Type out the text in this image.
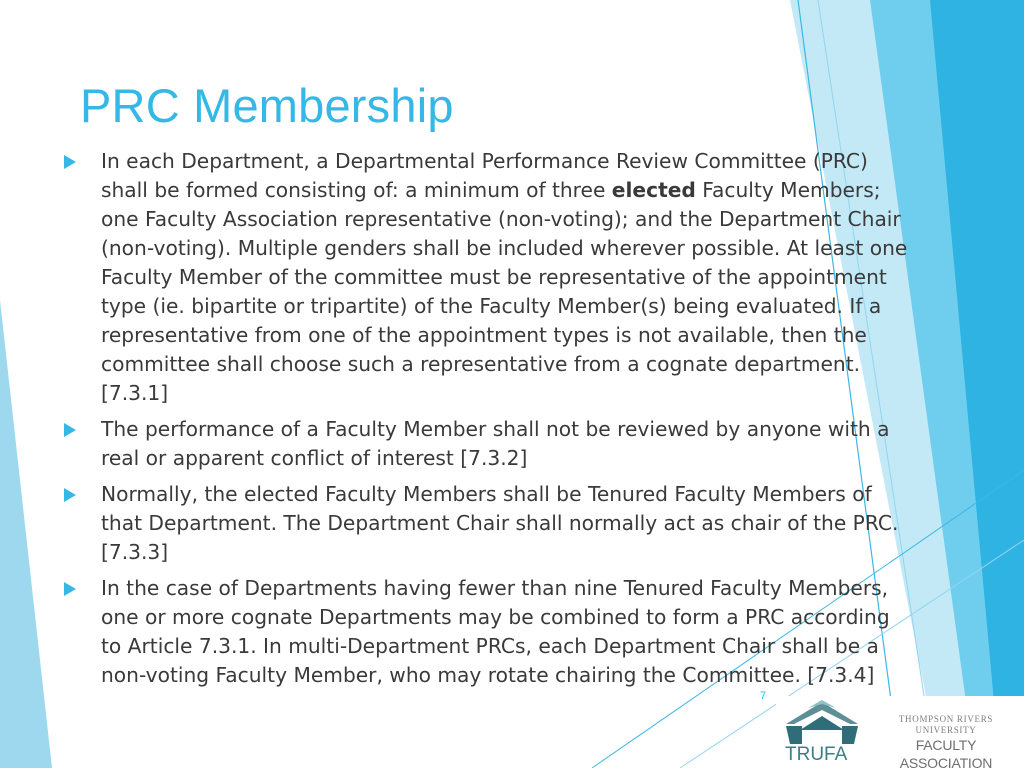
PRC Membership
In each Department, a Departmental Performance Review Committee (PRC) shall be formed consisting of: a minimum of three elected Faculty Members; one Faculty Association representative (non-voting); and the Department Chair (non-voting). Multiple genders shall be included wherever possible. At least one Faculty Member of the committee must be representative of the appointment type (ie. bipartite or tripartite) of the Faculty Member(s) being evaluated. If a representative from one of the appointment types is not available, then the committee shall choose such a representative from a cognate department.[7.3.1]
The performance of a Faculty Member shall not be reviewed by anyone with a real or apparent conflict of interest [7.3.2]
Normally, the elected Faculty Members shall be Tenured Faculty Members of that Department. The Department Chair shall normally act as chair of the PRC. [7.3.3]
In the case of Departments having fewer than nine Tenured Faculty Members, one or more cognate Departments may be combined to form a PRC according to Article 7.3.1. In multi-Department PRCs, each Department Chair shall be a non-voting Faculty Member, who may rotate chairing the Committee. [7.3.4]
7
TRUFA
THOMPSON RIVERS
UNIVERSITY
FACULTY ASSOCIATION
